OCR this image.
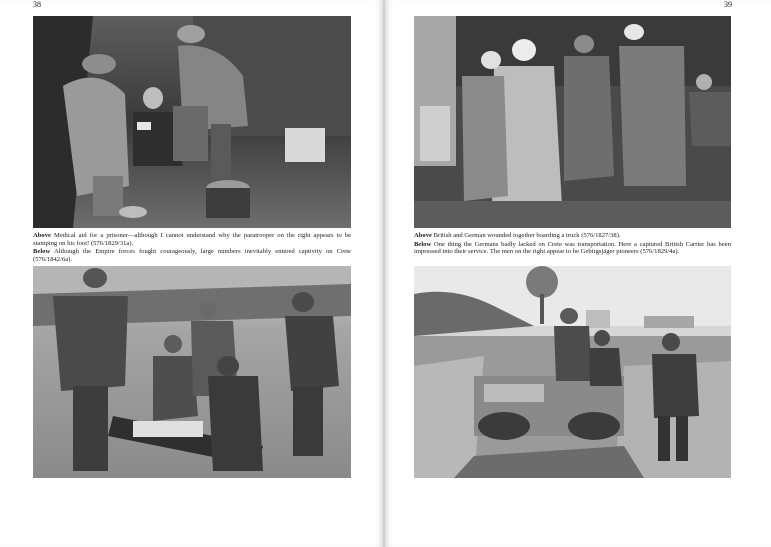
38

Above Medical aid for a prisoner—although I cannot understand why the paratrooper on the right appears to be stamping on his foot! (576/1829/31a).

Below Although the Empire forces fought courageously, large numbers inevitably entered captivity on Crete (576/1842/6a).

39

Above British and German wounded together boarding a truck (576/1827/38).

Below One thing the Germans badly lacked on Crete was transportation. Here a captured British Carrier has been impressed into their service. The men on the right appear to be Gebirgsjäger pioneers (576/1829/4a).
